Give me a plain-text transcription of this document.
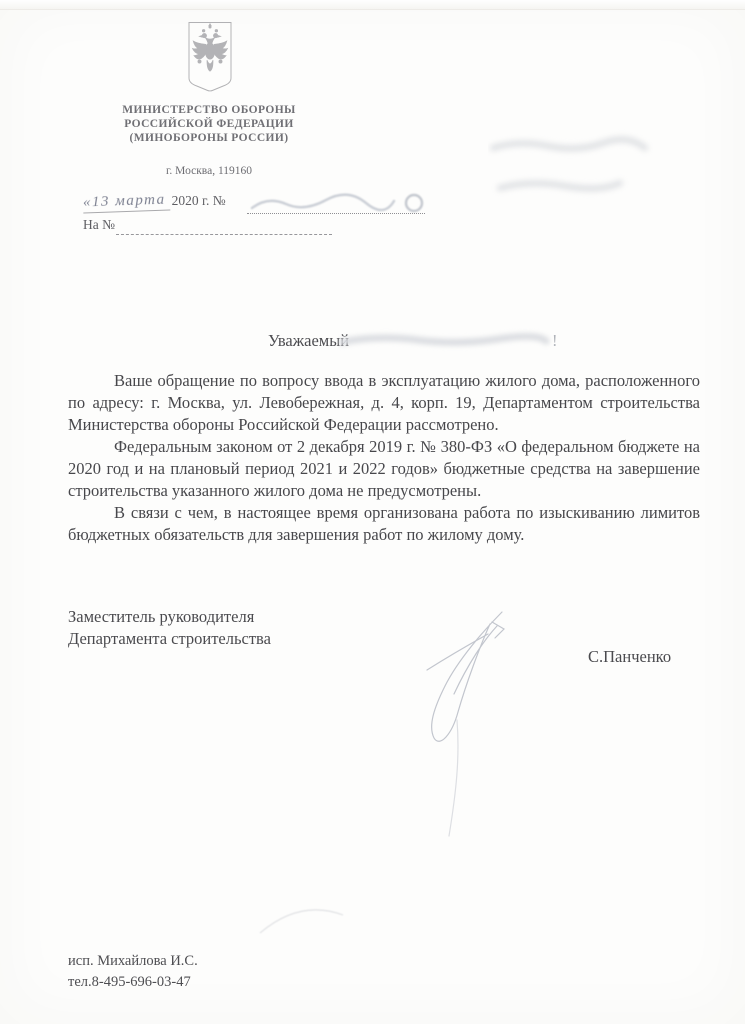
МИНИСТЕРСТВО ОБОРОНЫ
РОССИЙСКОЙ ФЕДЕРАЦИИ
(МИНОБОРОНЫ РОССИИ)
г. Москва, 119160
«13 марта 2020 г. №
На №
Уважаемый	!

Ваше обращение по вопросу ввода в эксплуатацию жилого дома, расположенного по адресу: г. Москва, ул. Левобережная, д. 4, корп. 19, Департаментом строительства Министерства обороны Российской Федерации рассмотрено.

Федеральным законом от 2 декабря 2019 г. № 380-ФЗ «О федеральном бюджете на 2020 год и на плановый период 2021 и 2022 годов» бюджетные средства на завершение строительства указанного жилого дома не предусмотрены.

В связи с чем, в настоящее время организована работа по изыскиванию лимитов бюджетных обязательств для завершения работ по жилому дому.

Заместитель руководителя
Департамента строительства
С.Панченко
исп. Михайлова И.С.
тел.8-495-696-03-47
